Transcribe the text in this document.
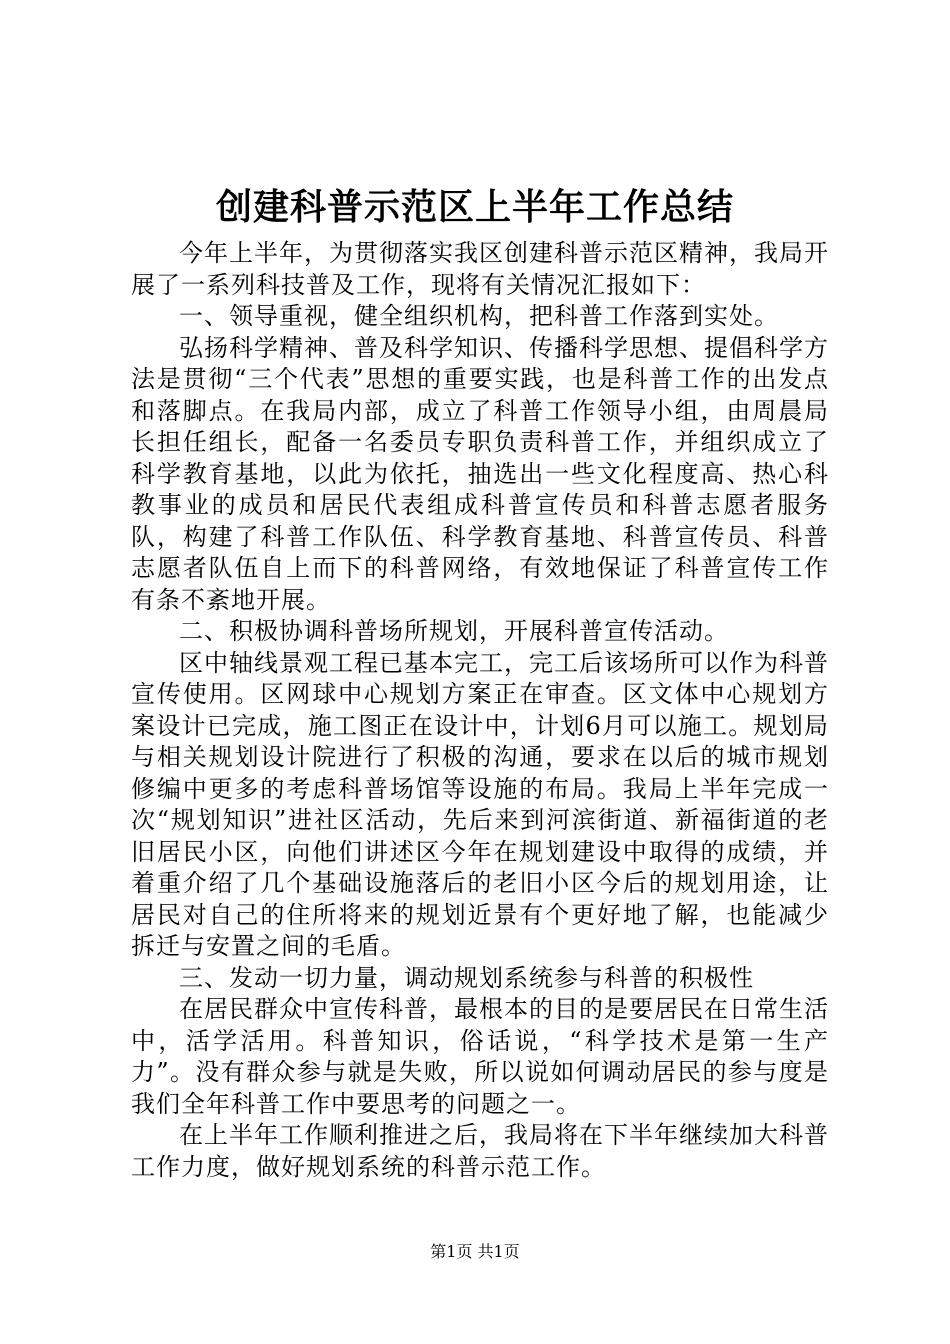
创建科普示范区上半年工作总结

今年上半年，为贯彻落实我区创建科普示范区精神，我局开展了一系列科技普及工作，现将有关情况汇报如下：

一、领导重视，健全组织机构，把科普工作落到实处。

弘扬科学精神、普及科学知识、传播科学思想、提倡科学方法是贯彻“三个代表”思想的重要实践，也是科普工作的出发点和落脚点。在我局内部，成立了科普工作领导小组，由周晨局长担任组长，配备一名委员专职负责科普工作，并组织成立了科学教育基地，以此为依托，抽选出一些文化程度高、热心科教事业的成员和居民代表组成科普宣传员和科普志愿者服务队，构建了科普工作队伍、科学教育基地、科普宣传员、科普志愿者队伍自上而下的科普网络，有效地保证了科普宣传工作有条不紊地开展。

二、积极协调科普场所规划，开展科普宣传活动。

区中轴线景观工程已基本完工，完工后该场所可以作为科普宣传使用。区网球中心规划方案正在审查。区文体中心规划方案设计已完成，施工图正在设计中，计划6月可以施工。规划局与相关规划设计院进行了积极的沟通，要求在以后的城市规划修编中更多的考虑科普场馆等设施的布局。我局上半年完成一次“规划知识”进社区活动，先后来到河滨街道、新福街道的老旧居民小区，向他们讲述区今年在规划建设中取得的成绩，并着重介绍了几个基础设施落后的老旧小区今后的规划用途，让居民对自己的住所将来的规划近景有个更好地了解，也能减少拆迁与安置之间的毛盾。

三、发动一切力量，调动规划系统参与科普的积极性

在居民群众中宣传科普，最根本的目的是要居民在日常生活中，活学活用。科普知识，俗话说，“科学技术是第一生产力”。没有群众参与就是失败，所以说如何调动居民的参与度是我们全年科普工作中要思考的问题之一。

在上半年工作顺利推进之后，我局将在下半年继续加大科普工作力度，做好规划系统的科普示范工作。

第1页 共1页
